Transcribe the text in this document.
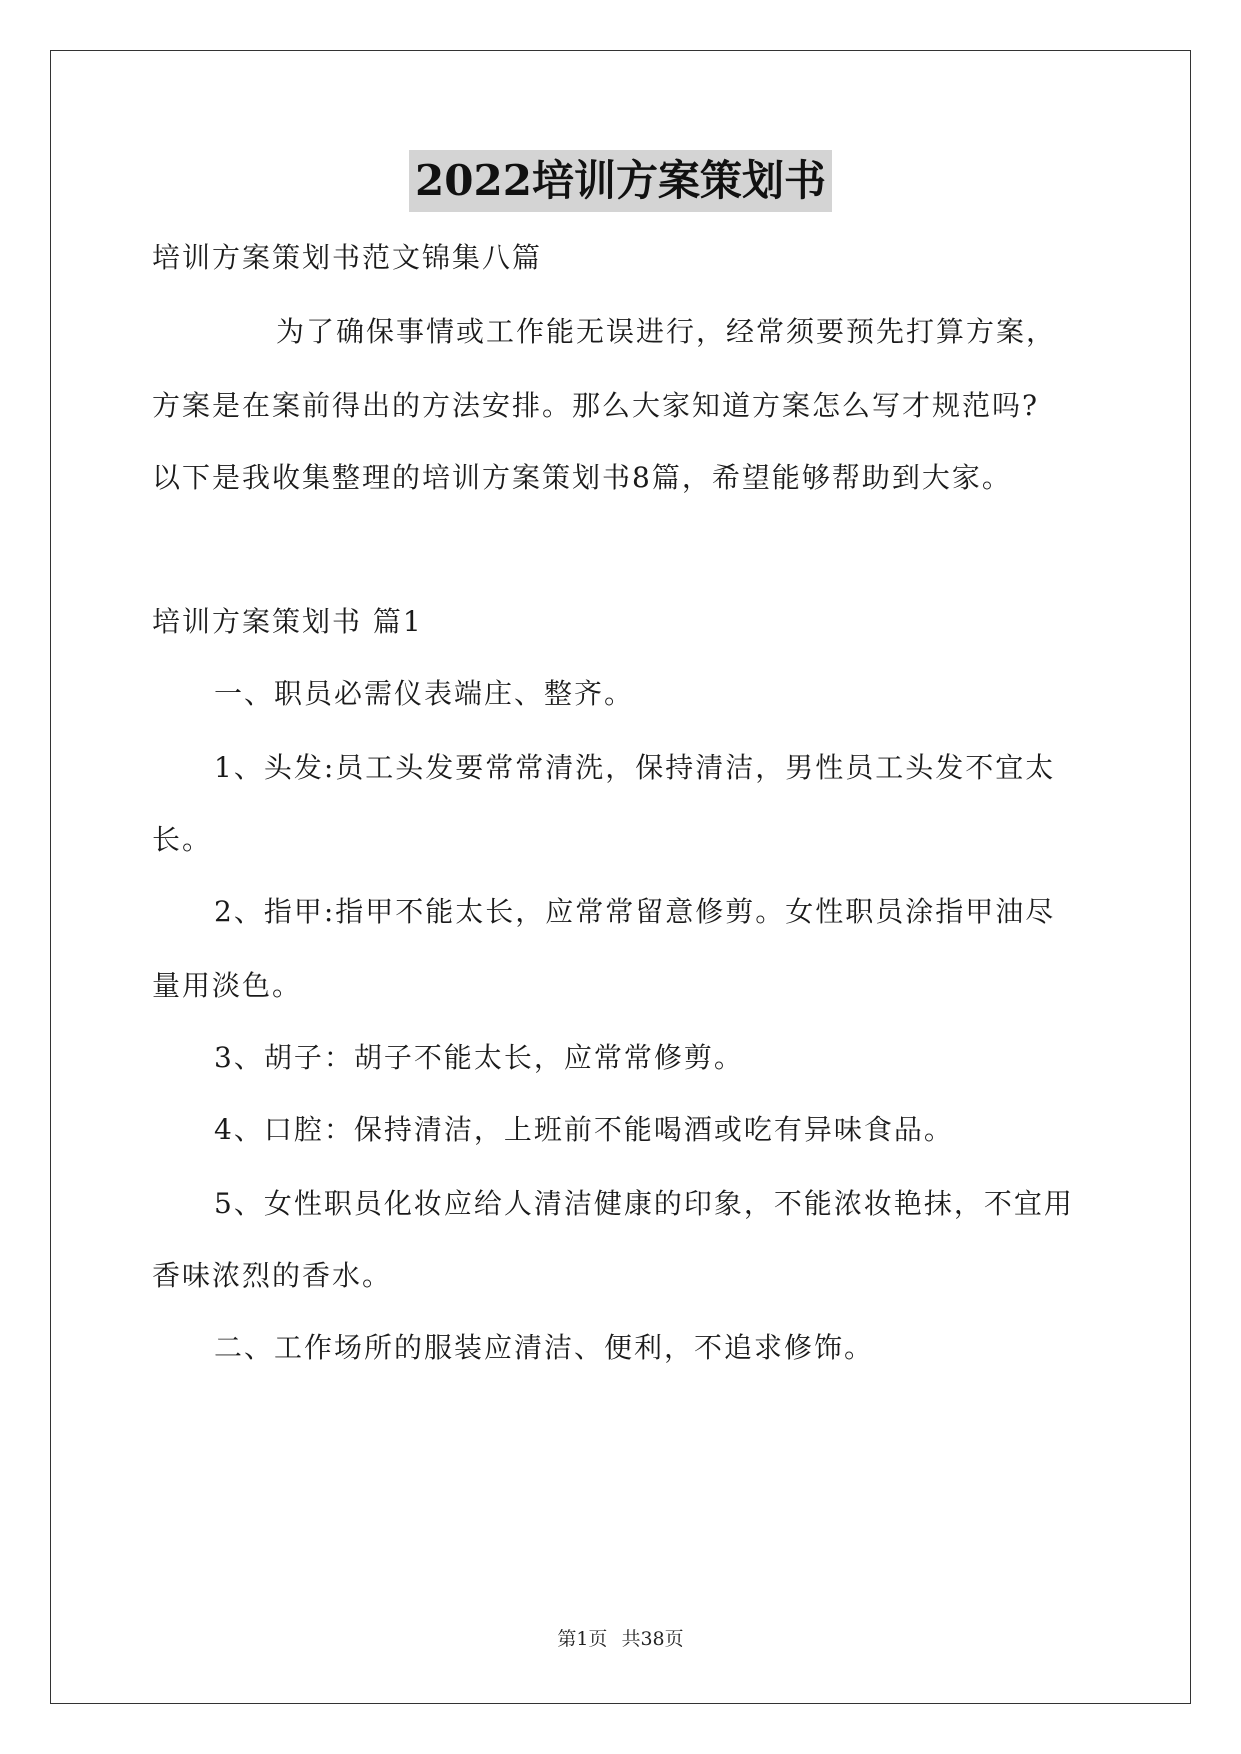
2022培训方案策划书
培训方案策划书范文锦集八篇
为了确保事情或工作能无误进行，经常须要预先打算方案，
方案是在案前得出的方法安排。那么大家知道方案怎么写才规范吗?
以下是我收集整理的培训方案策划书8篇，希望能够帮助到大家。
培训方案策划书 篇1
一、职员必需仪表端庄、整齐。
1、头发:员工头发要常常清洗，保持清洁，男性员工头发不宜太
长。
2、指甲:指甲不能太长，应常常留意修剪。女性职员涂指甲油尽
量用淡色。
3、胡子：胡子不能太长，应常常修剪。
4、口腔：保持清洁，上班前不能喝酒或吃有异味食品。
5、女性职员化妆应给人清洁健康的印象，不能浓妆艳抹，不宜用
香味浓烈的香水。
二、工作场所的服装应清洁、便利，不追求修饰。
第1页 共38页
